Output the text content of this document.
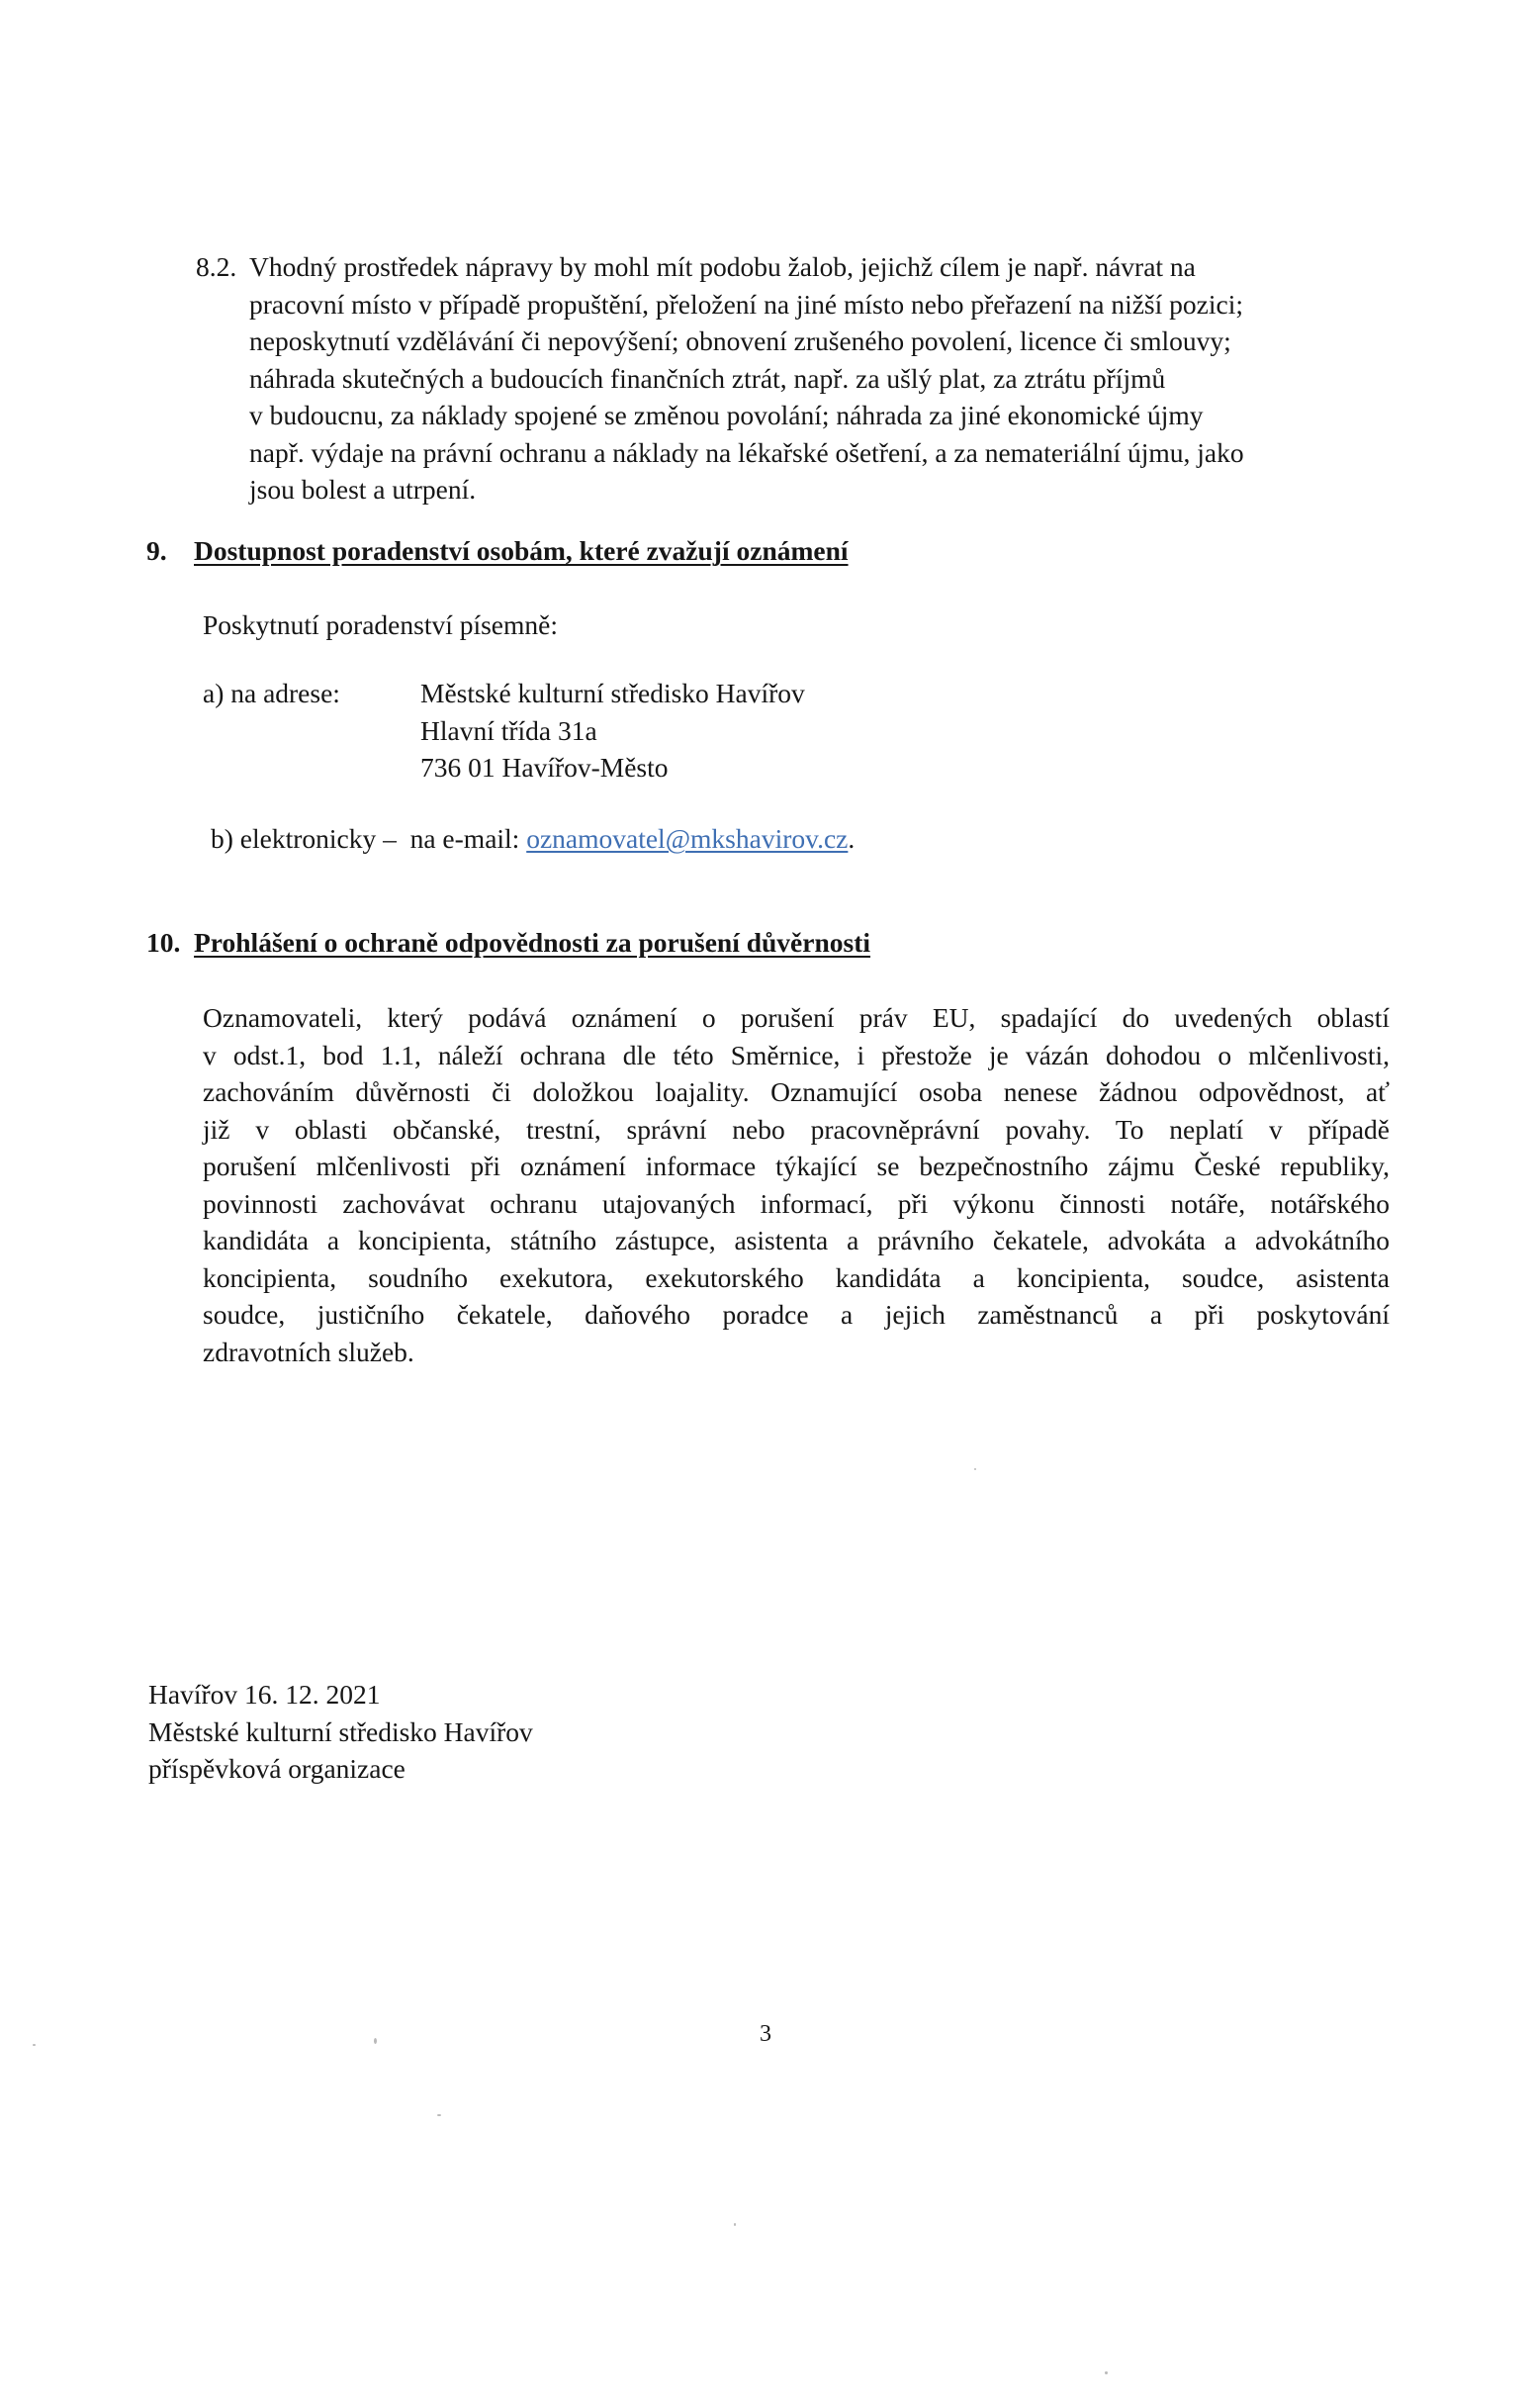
8.2. Vhodný prostředek nápravy by mohl mít podobu žalob, jejichž cílem je např. návrat na
pracovní místo v případě propuštění, přeložení na jiné místo nebo přeřazení na nižší pozici;
neposkytnutí vzdělávání či nepovýšení; obnovení zrušeného povolení, licence či smlouvy;
náhrada skutečných a budoucích finančních ztrát, např. za ušlý plat, za ztrátu příjmů
v budoucnu, za náklady spojené se změnou povolání; náhrada za jiné ekonomické újmy
např. výdaje na právní ochranu a náklady na lékařské ošetření, a za nemateriální újmu, jako
jsou bolest a utrpení.
9. Dostupnost poradenství osobám, které zvažují oznámení
Poskytnutí poradenství písemně:
a) na adrese:	Městské kulturní středisko Havířov
Hlavní třída 31a
736 01 Havířov-Město
b) elektronicky –  na e-mail: oznamovatel@mkshavirov.cz.
10. Prohlášení o ochraně odpovědnosti za porušení důvěrnosti
Oznamovateli, který podává oznámení o porušení práv EU, spadající do uvedených oblastí
v odst.1, bod 1.1, náleží ochrana dle této Směrnice, i přestože je vázán dohodou o mlčenlivosti,
zachováním důvěrnosti či doložkou loajality. Oznamující osoba nenese žádnou odpovědnost, ať
již v oblasti občanské, trestní, správní nebo pracovněprávní povahy. To neplatí v případě
porušení mlčenlivosti při oznámení informace týkající se bezpečnostního zájmu České republiky,
povinnosti zachovávat ochranu utajovaných informací, při výkonu činnosti notáře, notářského
kandidáta a koncipienta, státního zástupce, asistenta a právního čekatele, advokáta a advokátního
koncipienta, soudního exekutora, exekutorského kandidáta a koncipienta, soudce, asistenta
soudce, justičního čekatele, daňového poradce a jejich zaměstnanců a při poskytování
zdravotních služeb.
Havířov 16. 12. 2021
Městské kulturní středisko Havířov
příspěvková organizace
3
